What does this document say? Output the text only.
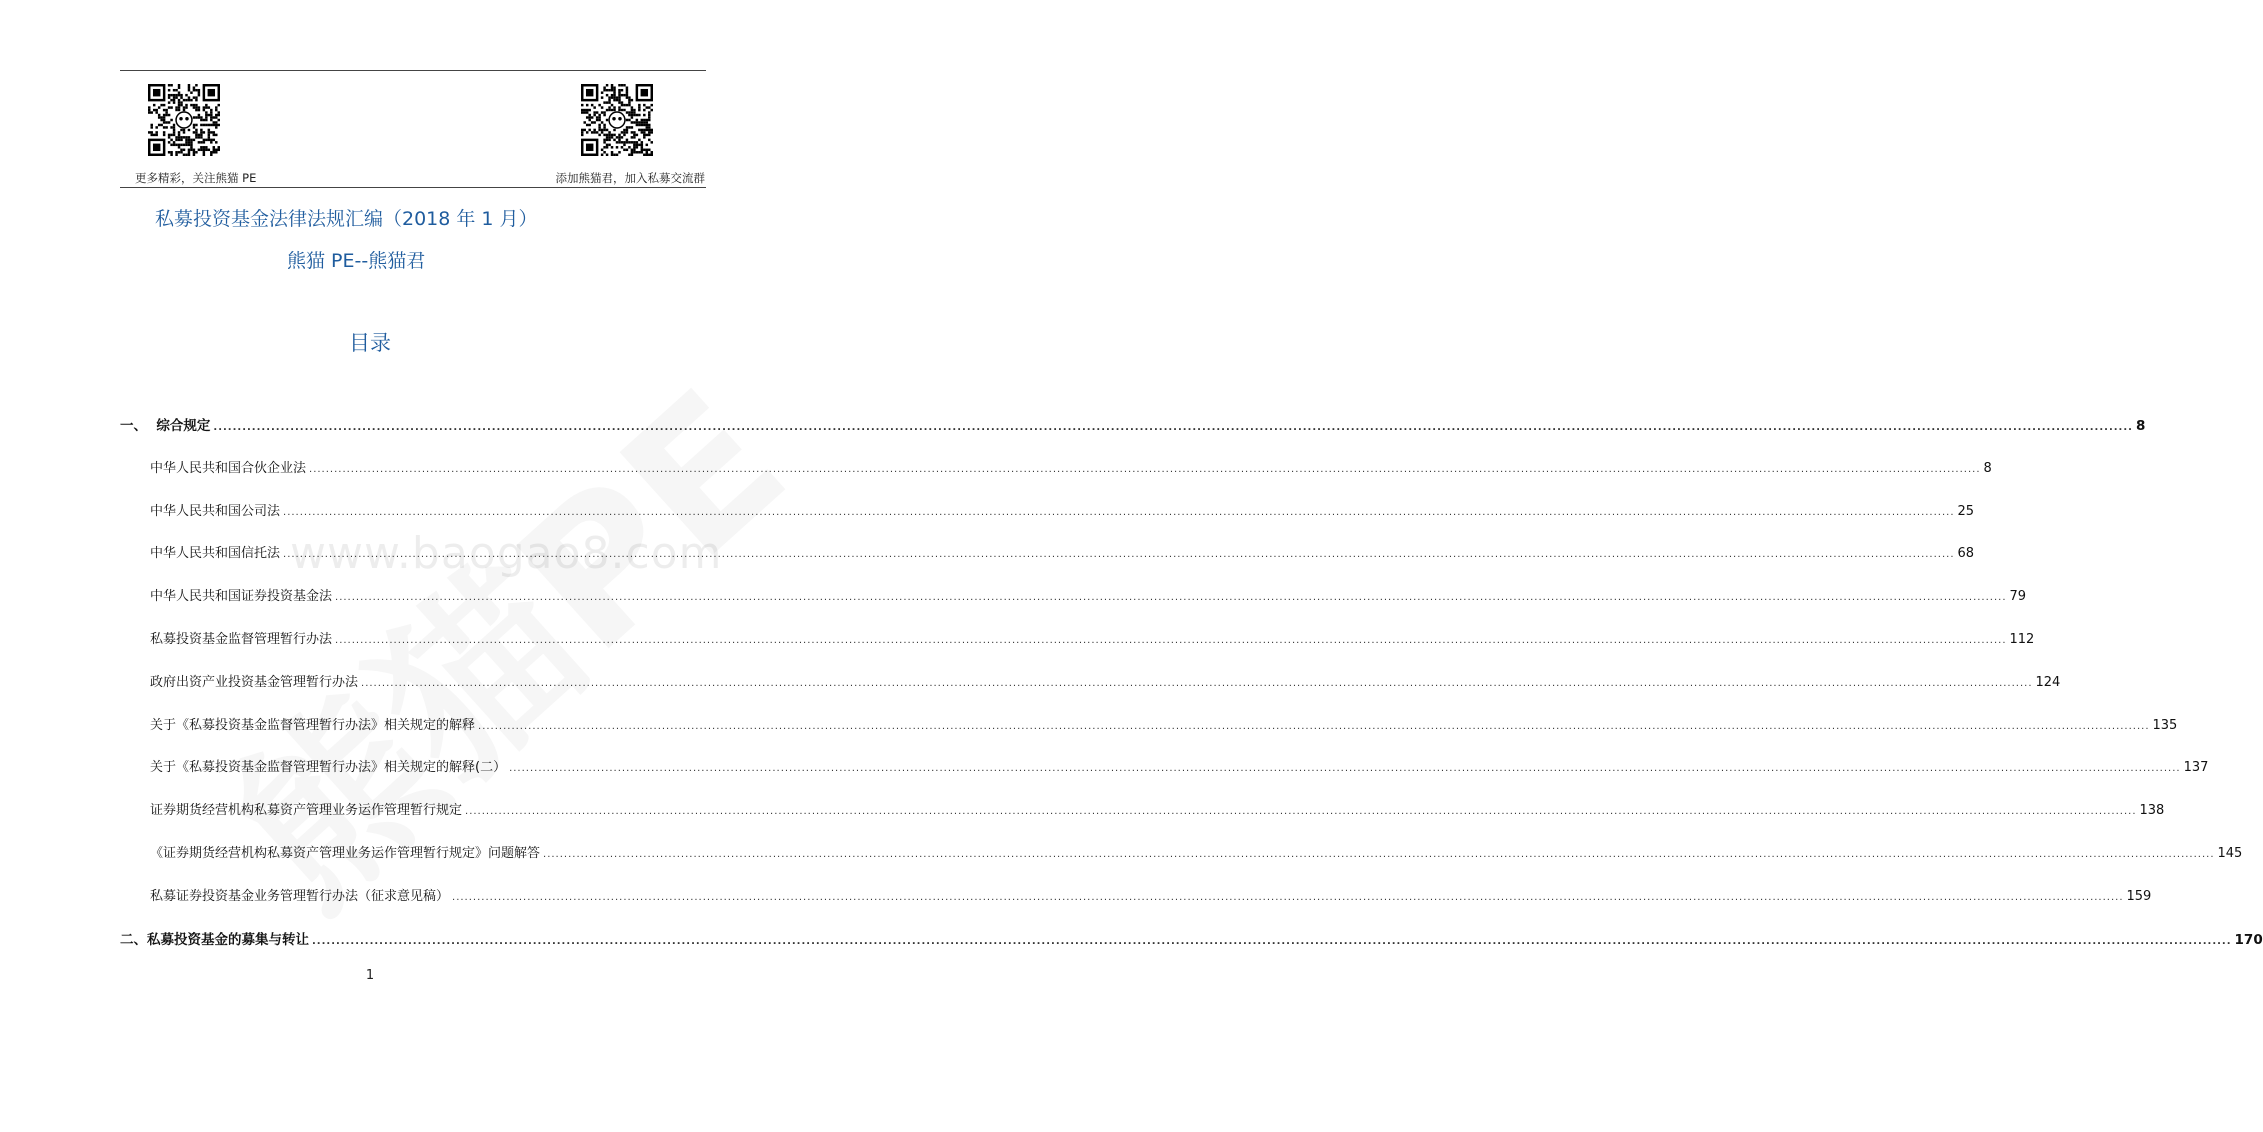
更多精彩，关注熊猫 PE	添加熊猫君，加入私募交流群
www.baogao8.com
私募投资基金法律法规汇编（2018 年 1 月）
熊猫 PE--熊猫君
目录
一、 综合规定 ................................................................................................................................................................................................................................................................................................................................................................................................................ 8
中华人民共和国合伙企业法 ................................................................................................................................................................................................................................................................................................................................................................................................................ 8
中华人民共和国公司法 ................................................................................................................................................................................................................................................................................................................................................................................................................ 25
中华人民共和国信托法 ................................................................................................................................................................................................................................................................................................................................................................................................................ 68
中华人民共和国证券投资基金法 ................................................................................................................................................................................................................................................................................................................................................................................................................ 79
私募投资基金监督管理暂行办法 ................................................................................................................................................................................................................................................................................................................................................................................................................ 112
政府出资产业投资基金管理暂行办法 ................................................................................................................................................................................................................................................................................................................................................................................................................ 124
关于《私募投资基金监督管理暂行办法》相关规定的解释 ................................................................................................................................................................................................................................................................................................................................................................................................................ 135
关于《私募投资基金监督管理暂行办法》相关规定的解释(二） ................................................................................................................................................................................................................................................................................................................................................................................................................ 137
证券期货经营机构私募资产管理业务运作管理暂行规定 ................................................................................................................................................................................................................................................................................................................................................................................................................ 138
《证券期货经营机构私募资产管理业务运作管理暂行规定》问题解答 ................................................................................................................................................................................................................................................................................................................................................................................................................ 145
私募证券投资基金业务管理暂行办法（征求意见稿） ................................................................................................................................................................................................................................................................................................................................................................................................................ 159
二、 私募投资基金的募集与转让 ................................................................................................................................................................................................................................................................................................................................................................................................................ 170
1
